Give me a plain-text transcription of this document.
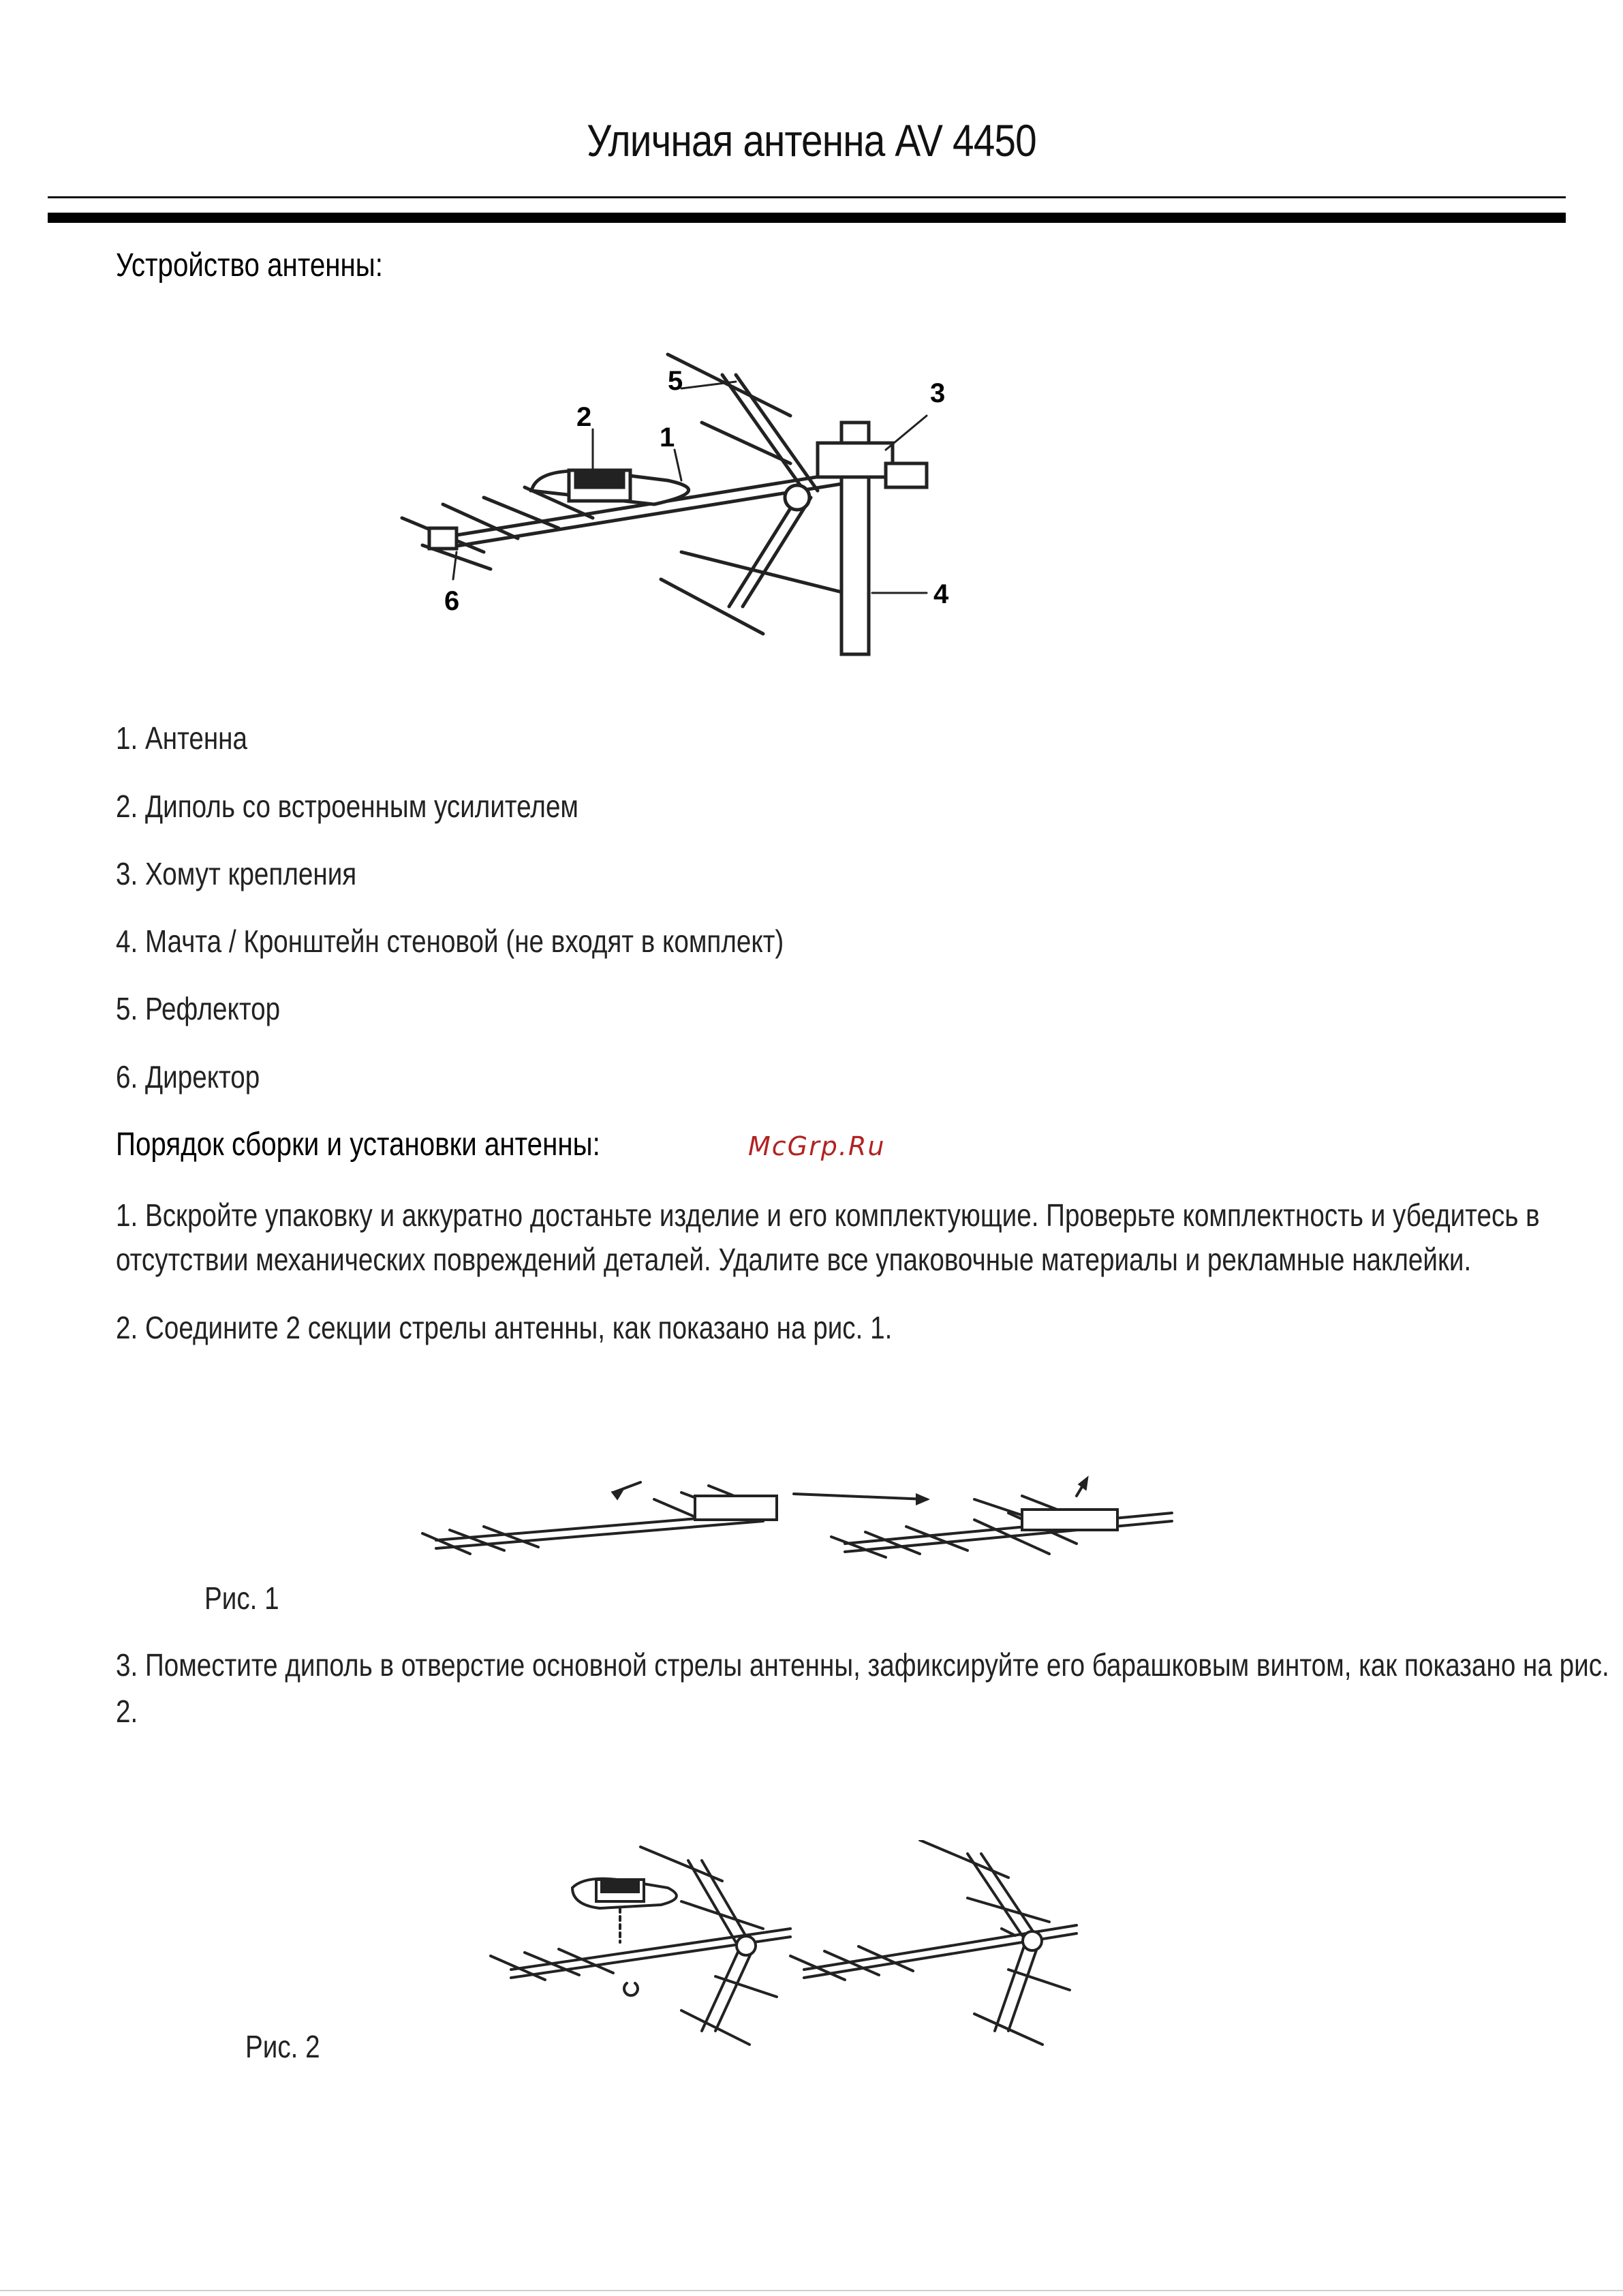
Уличная антенна AV 4450
Устройство антенны:
1
2
3
4
5
6
1. Антенна
2. Диполь со встроенным усилителем
3. Хомут крепления
4. Мачта / Кронштейн стеновой (не входят в комплект)
5. Рефлектор
6. Директор
Порядок сборки и установки антенны:	McGrp.Ru
1. Вскройте упаковку и аккуратно достаньте изделие и его комплектующие. Проверьте комплектность и убедитесь в
отсутствии механических повреждений деталей. Удалите все упаковочные материалы и рекламные наклейки.
2. Соедините 2 секции стрелы антенны, как показано на рис. 1.
Рис. 1
3. Поместите диполь в отверстие основной стрелы антенны, зафиксируйте его барашковым винтом, как показано на рис.
2.
Рис. 2
